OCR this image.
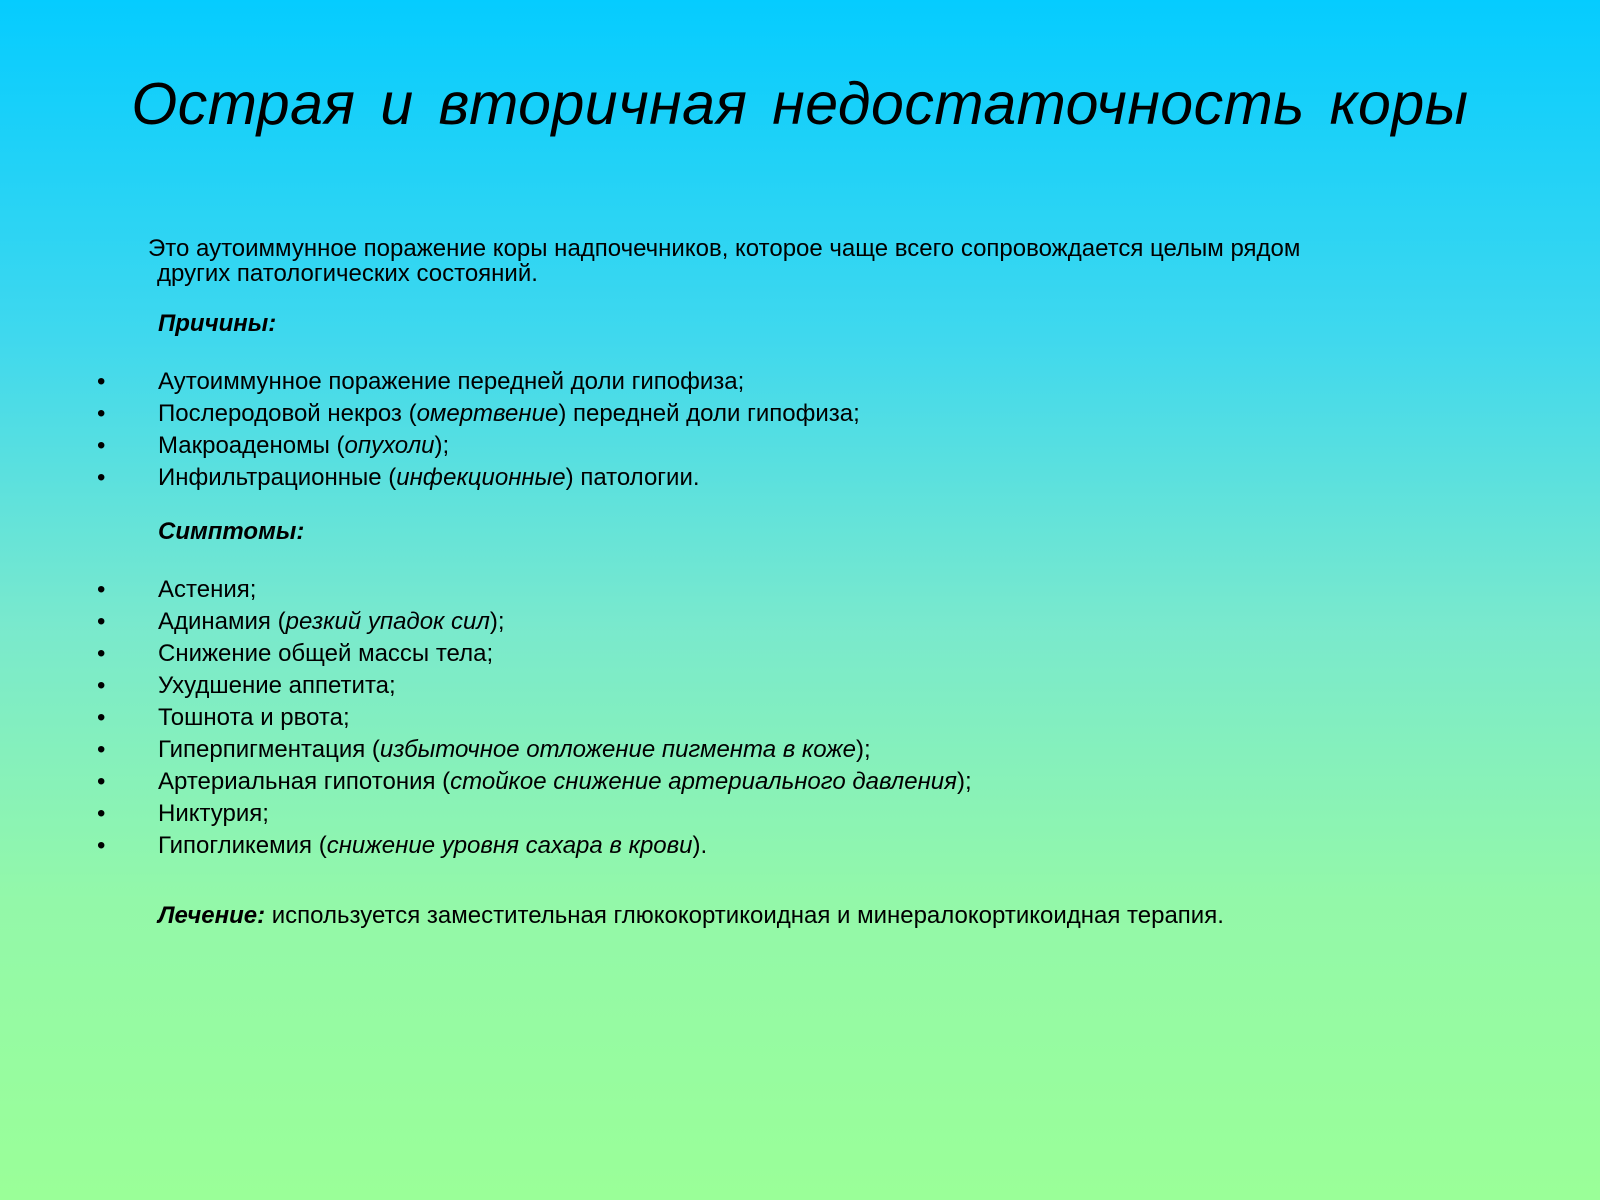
Острая и вторичная недостаточность коры
Это аутоиммунное поражение коры надпочечников, которое чаще всего сопровождается целым рядом
других патологических состояний.
Причины:
• Аутоиммунное поражение передней доли гипофиза;
• Послеродовой некроз (омертвение) передней доли гипофиза;
• Макроаденомы (опухоли);
• Инфильтрационные (инфекционные) патологии.
Симптомы:
• Астения;
• Адинамия (резкий упадок сил);
• Снижение общей массы тела;
• Ухудшение аппетита;
• Тошнота и рвота;
• Гиперпигментация (избыточное отложение пигмента в коже);
• Артериальная гипотония (стойкое снижение артериального давления);
• Никтурия;
• Гипогликемия (снижение уровня сахара в крови).
Лечение: используется заместительная глюкокортикоидная и минералокортикоидная терапия.
